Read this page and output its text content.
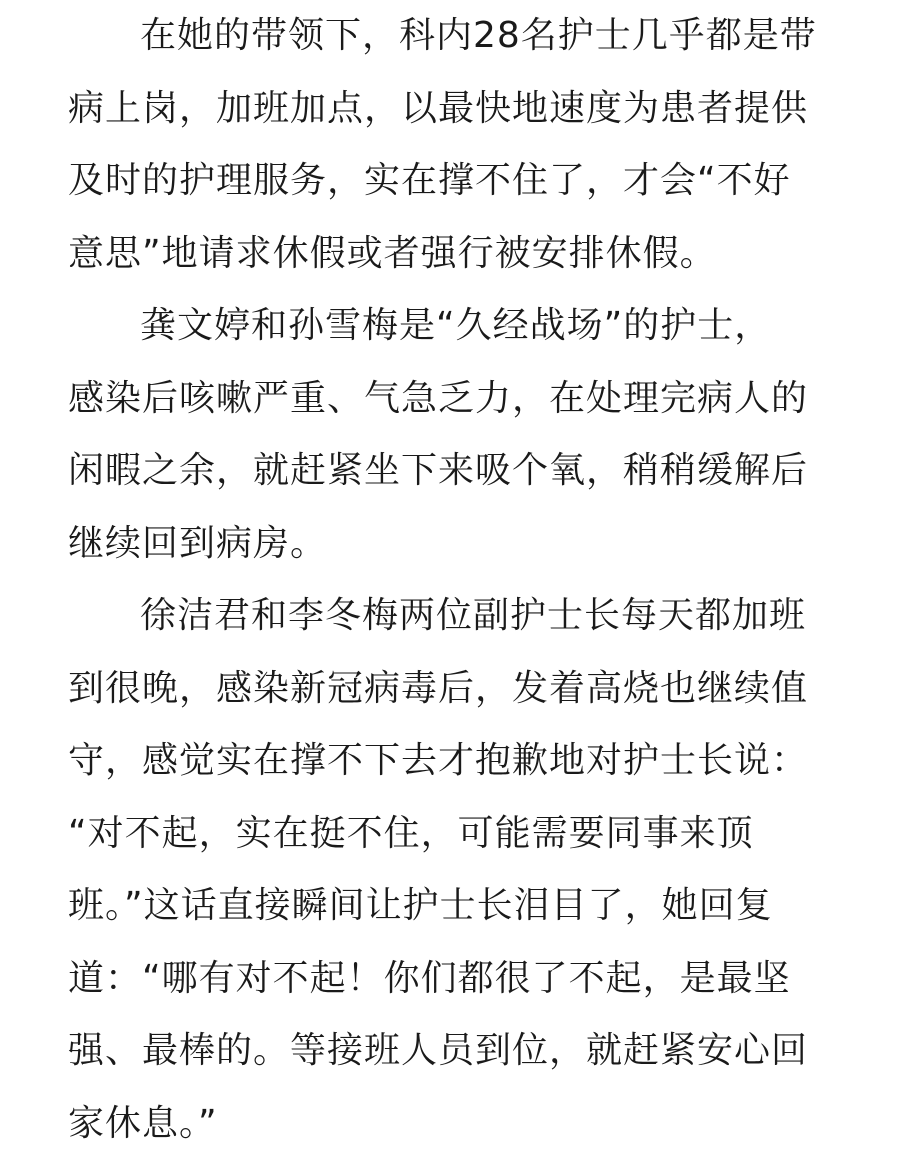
在她的带领下，科内28名护士几乎都是带
病上岗，加班加点，以最快地速度为患者提供
及时的护理服务，实在撑不住了，才会“不好
意思”地请求休假或者强行被安排休假。
龚文婷和孙雪梅是“久经战场”的护士，
感染后咳嗽严重、气急乏力，在处理完病人的
闲暇之余，就赶紧坐下来吸个氧，稍稍缓解后
继续回到病房。
徐洁君和李冬梅两位副护士长每天都加班
到很晚，感染新冠病毒后，发着高烧也继续值
守，感觉实在撑不下去才抱歉地对护士长说：
“对不起，实在挺不住，可能需要同事来顶
班。”这话直接瞬间让护士长泪目了，她回复
道：“哪有对不起！你们都很了不起，是最坚
强、最棒的。等接班人员到位，就赶紧安心回
家休息。”
